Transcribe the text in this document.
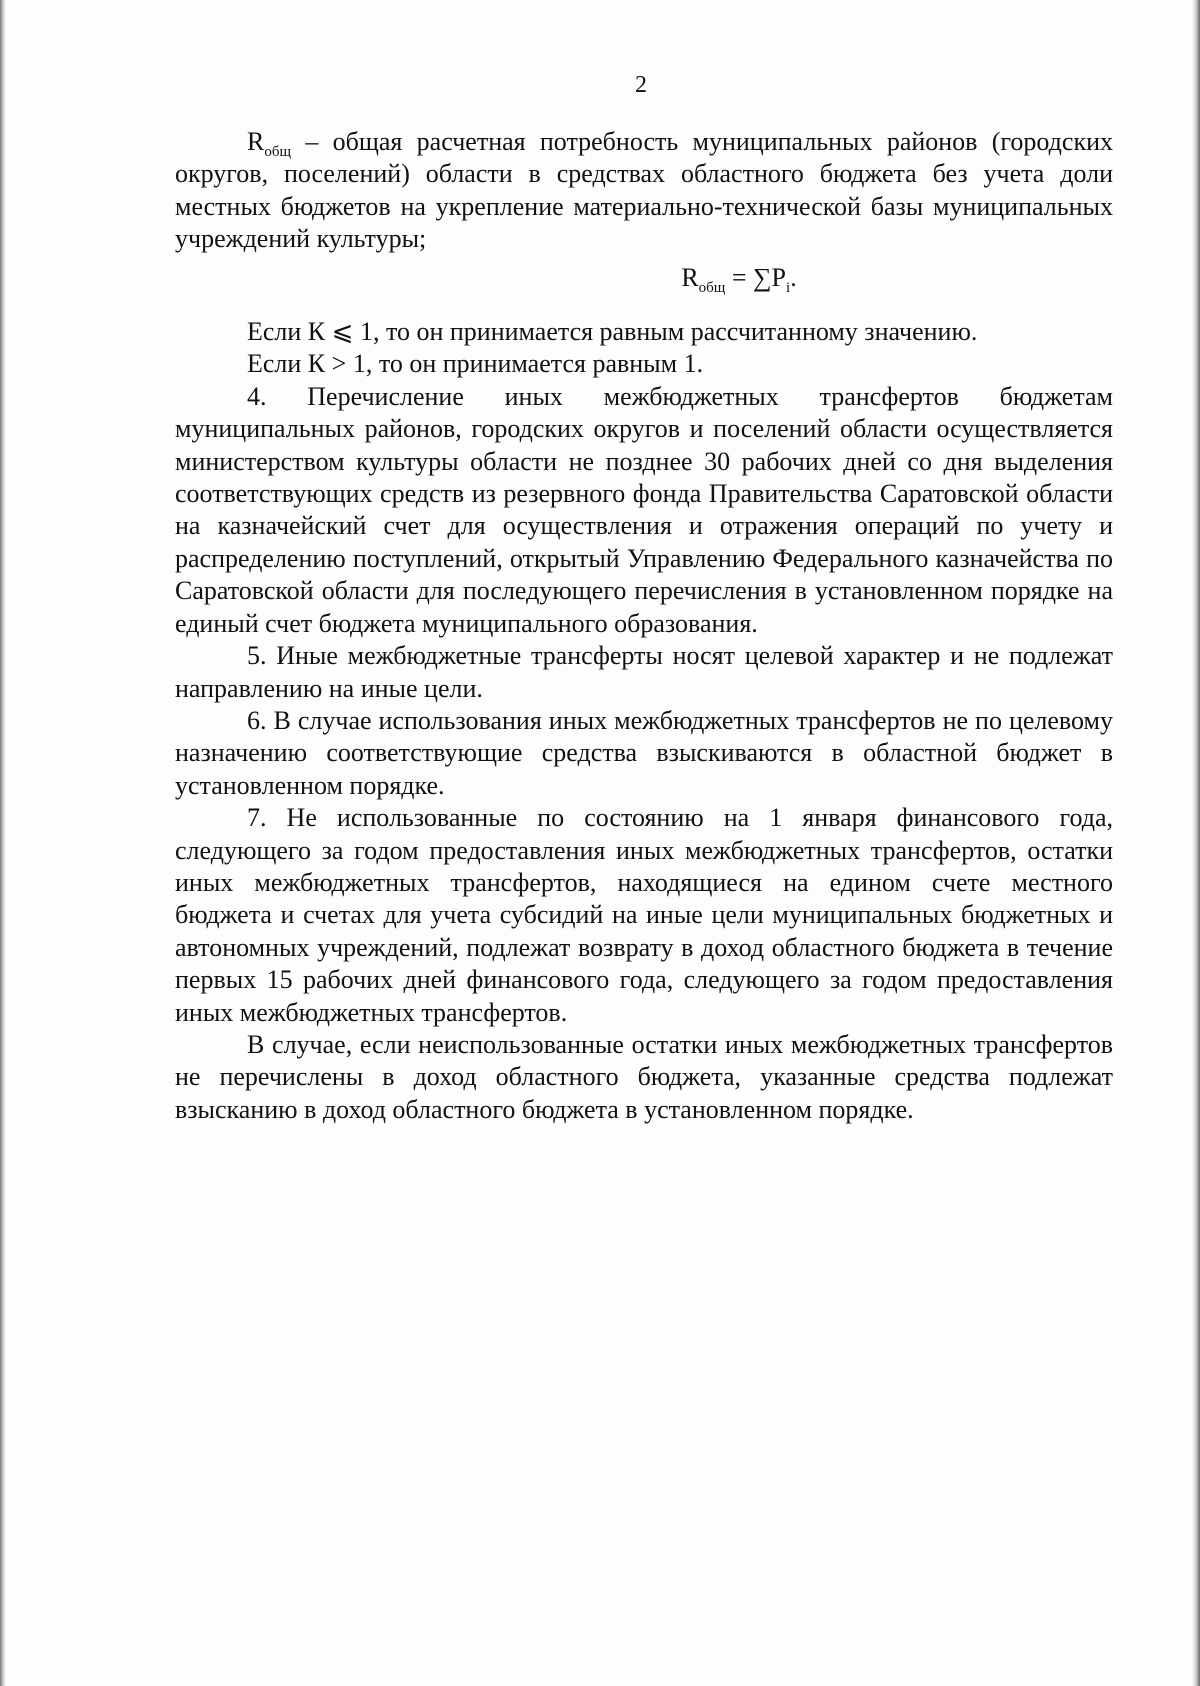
2

$R_{общ}$ – общая расчетная потребность муниципальных районов (городских округов, поселений) области в средствах областного бюджета без учета доли местных бюджетов на укрепление материально-технической базы муниципальных учреждений культуры;

$R_{общ} = \sum P_i$.

Если К ⩽ 1, то он принимается равным рассчитанному значению.

Если К > 1, то он принимается равным 1.

4. Перечисление иных межбюджетных трансфертов бюджетам муниципальных районов, городских округов и поселений области осуществляется министерством культуры области не позднее 30 рабочих дней со дня выделения соответствующих средств из резервного фонда Правительства Саратовской области на казначейский счет для осуществления и отражения операций по учету и распределению поступлений, открытый Управлению Федерального казначейства по Саратовской области для последующего перечисления в установленном порядке на единый счет бюджета муниципального образования.

5. Иные межбюджетные трансферты носят целевой характер и не подлежат направлению на иные цели.

6. В случае использования иных межбюджетных трансфертов не по целевому назначению соответствующие средства взыскиваются в областной бюджет в установленном порядке.

7. Не использованные по состоянию на 1 января финансового года, следующего за годом предоставления иных межбюджетных трансфертов, остатки иных межбюджетных трансфертов, находящиеся на едином счете местного бюджета и счетах для учета субсидий на иные цели муниципальных бюджетных и автономных учреждений, подлежат возврату в доход областного бюджета в течение первых 15 рабочих дней финансового года, следующего за годом предоставления иных межбюджетных трансфертов.

В случае, если неиспользованные остатки иных межбюджетных трансфертов не перечислены в доход областного бюджета, указанные средства подлежат взысканию в доход областного бюджета в установленном порядке.
